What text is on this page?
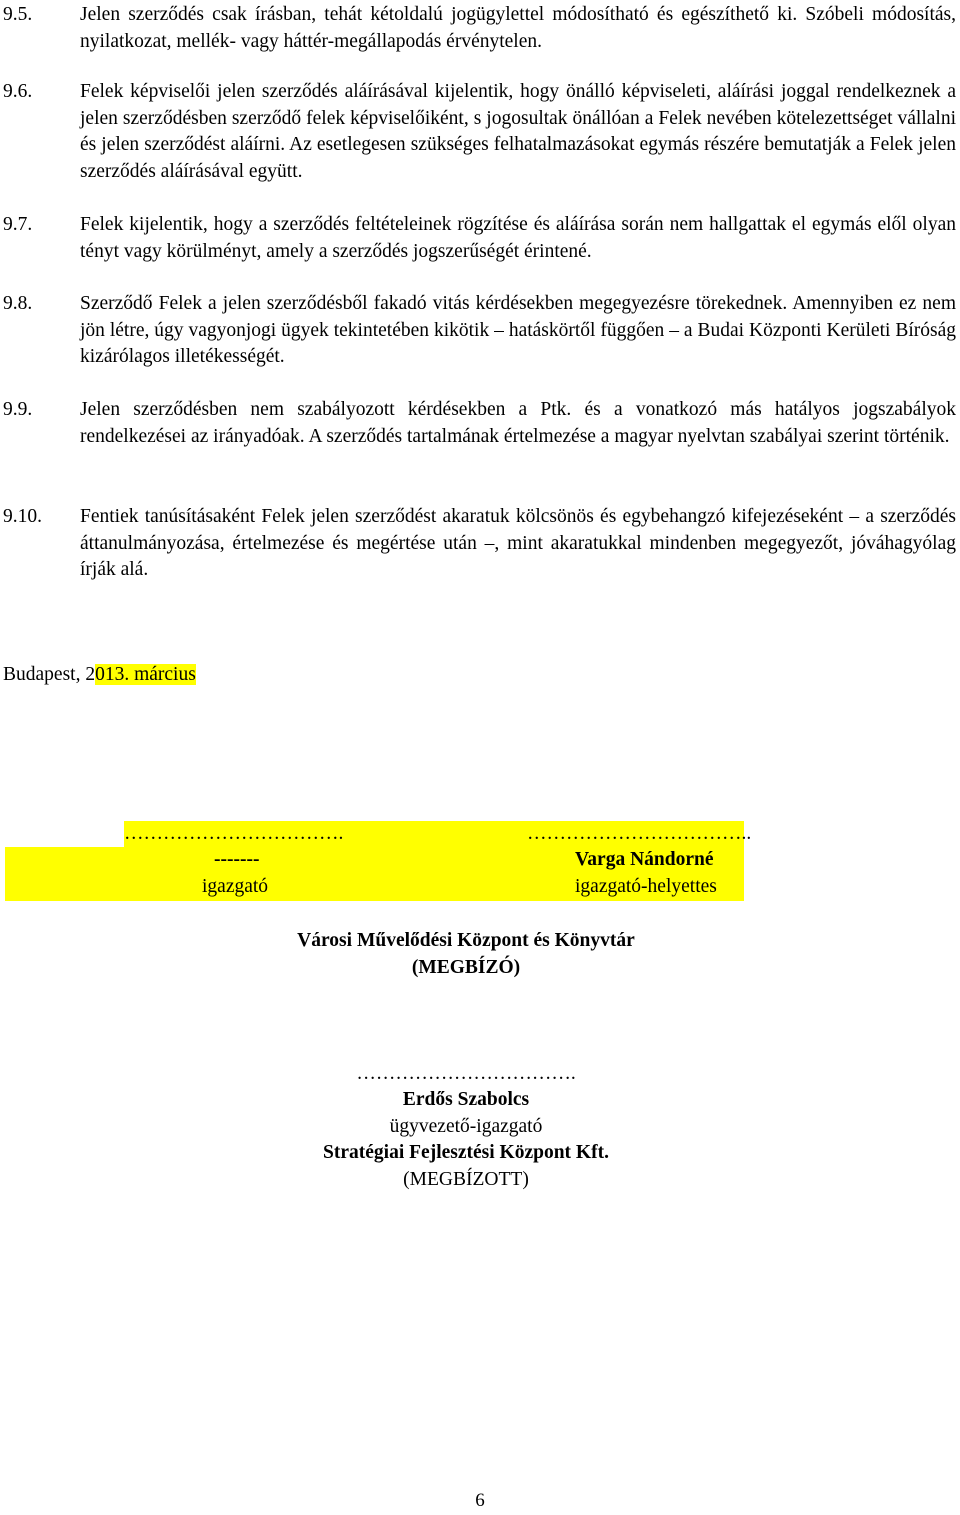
9.5.	Jelen szerződés csak írásban, tehát kétoldalú jogügylettel módosítható és egészíthető ki. Szóbeli módosítás, nyilatkozat, mellék- vagy háttér-megállapodás érvénytelen.
9.6.	Felek képviselői jelen szerződés aláírásával kijelentik, hogy önálló képviseleti, aláírási joggal rendelkeznek a jelen szerződésben szerződő felek képviselőiként, s jogosultak önállóan a Felek nevében kötelezettséget vállalni és jelen szerződést aláírni. Az esetlegesen szükséges felhatalmazásokat egymás részére bemutatják a Felek jelen szerződés aláírásával együtt.
9.7.	Felek kijelentik, hogy a szerződés feltételeinek rögzítése és aláírása során nem hallgattak el egymás elől olyan tényt vagy körülményt, amely a szerződés jogszerűségét érintené.
9.8.	Szerződő Felek a jelen szerződésből fakadó vitás kérdésekben megegyezésre törekednek. Amennyiben ez nem jön létre, úgy vagyonjogi ügyek tekintetében kikötik – hatáskörtől függően – a Budai Központi Kerületi Bíróság kizárólagos illetékességét.
9.9.	Jelen szerződésben nem szabályozott kérdésekben a Ptk. és a vonatkozó más hatályos jogszabályok rendelkezései az irányadóak. A szerződés tartalmának értelmezése a magyar nyelvtan szabályai szerint történik.
9.10.	Fentiek tanúsításaként Felek jelen szerződést akaratuk kölcsönös és egybehangzó kifejezéseként – a szerződés áttanulmányozása, értelmezése és megértése után –, mint akaratukkal mindenben megegyezőt, jóváhagyólag írják alá.
Budapest, 2013. március
…………………………….	……………………………..
-------	Varga Nándorné
igazgató	igazgató-helyettes
Városi Művelődési Központ és Könyvtár
(MEGBÍZÓ)
…………………………….
Erdős Szabolcs
ügyvezető-igazgató
Stratégiai Fejlesztési Központ Kft.
(MEGBÍZOTT)
6
